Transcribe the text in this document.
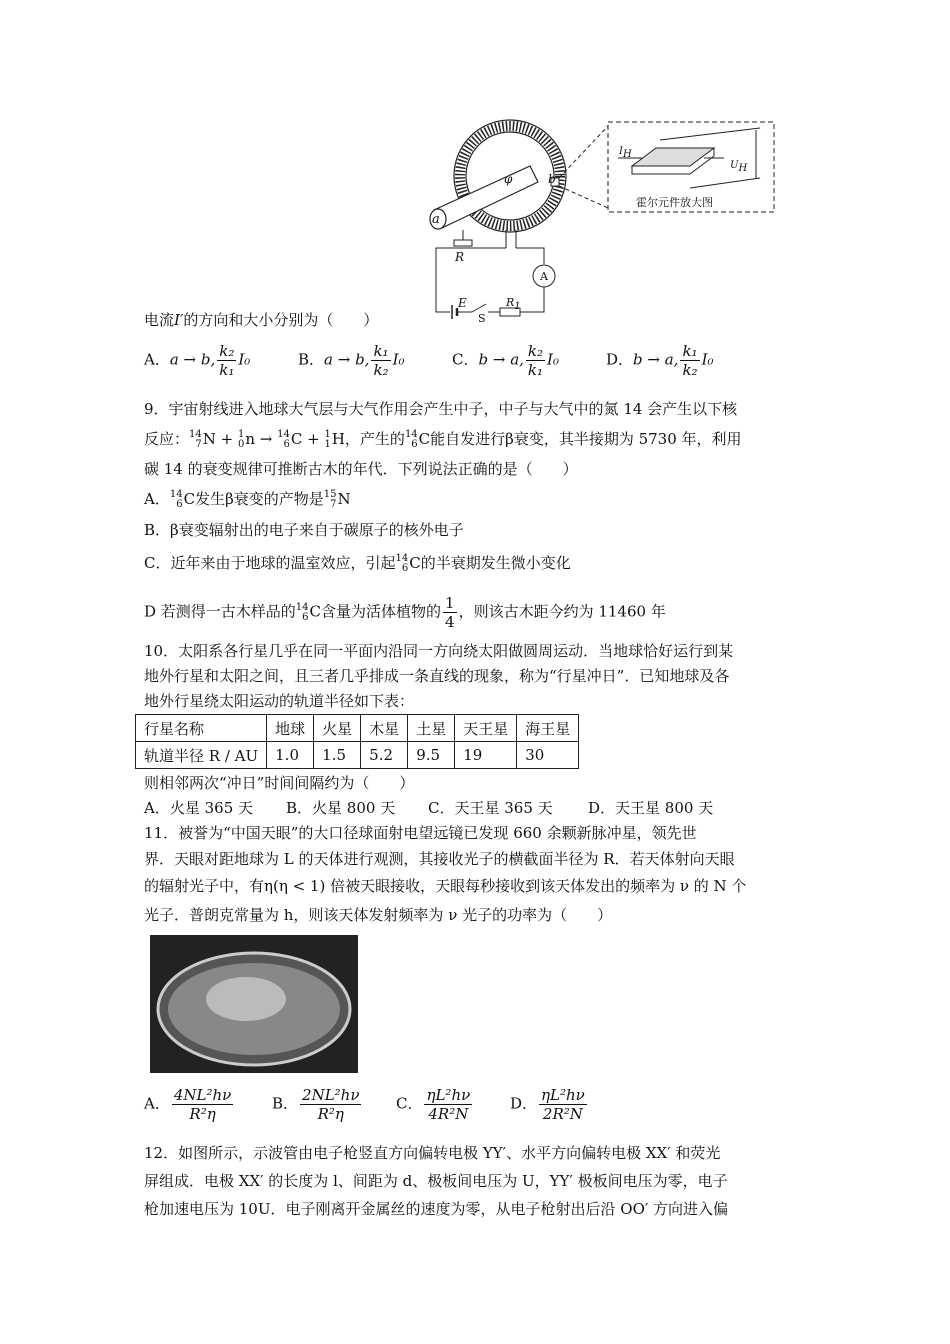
φ
a
b
R
A
E	$R_1$
S
$I_H$
$U_H$
霍尔元件放大图
电流I′的方向和大小分别为（　　）
A．a → b, $\frac{\text{k₂}}{\text{k₁}} I_0$	B．a → b, $\frac{\text{k₁}}{\text{k₂}} I_0$	C．b → a, $\frac{\text{k₂}}{\text{k₁}} I_0$	D．b → a, $\frac{\text{k₁}}{\text{k₂}} I_0$
9．宇宙射线进入地球大气层与大气作用会产生中子，中子与大气中的氮 14 会产生以下核
反应： 14
7 N + 1
0 n → 14
6 C + 1
1 H，产生的 14
6 C能自发进行β衰变，其半接期为 5730 年，利用
碳 14 的衰变规律可推断古木的年代．下列说法正确的是（　　）
A． 14
6 C发生β衰变的产物是 15
7 N
B．β衰变辐射出的电子来自于碳原子的核外电子
C．近年来由于地球的温室效应，引起 14
6 C的半衰期发生微小变化
D 若测得一古木样品的 14
6 C含量为活体植物的 $\frac{1}{4}$ ，则该古木距今约为 11460 年
10．太阳系各行星几乎在同一平面内沿同一方向绕太阳做圆周运动．当地球恰好运行到某
地外行星和太阳之间，且三者几乎排成一条直线的现象，称为“行星冲日”．已知地球及各
地外行星绕太阳运动的轨道半径如下表：
行星名称	地球	火星	木星	土星	天王星	海王星
轨道半径 R / AU	1.0	1.5	5.2	9.5	19	30
则相邻两次“冲日”时间间隔约为（　　）
A．火星 365 天 B．火星 800 天 C．天王星 365 天 D．天王星 800 天
11．被誉为“中国天眼”的大口径球面射电望远镜已发现 660 余颗新脉冲星，领先世
界．天眼对距地球为 L 的天体进行观测，其接收光子的横截面半径为 R．若天体射向天眼
的辐射光子中，有η(η < 1) 倍被天眼接收，天眼每秒接收到该天体发出的频率为 ν 的 N 个
光子．普朗克常量为 h，则该天体发射频率为 ν 光子的功率为（　　）
A． $\frac{\text{4NL²hν}}{\text{R²η}}$	B． $\frac{\text{2NL²hν}}{\text{R²η}}$ C． $\frac{\text{ηL²hν}}{\text{4R²N}}$	D． $\frac{\text{ηL²hν}}{\text{2R²N}}$
12．如图所示，示波管由电子枪竖直方向偏转电极 YY′、水平方向偏转电极 XX′ 和荧光
屏组成．电极 XX′ 的长度为 l、间距为 d、极板间电压为 U，YY′ 极板间电压为零，电子
枪加速电压为 10U．电子刚离开金属丝的速度为零，从电子枪射出后沿 OO′ 方向进入偏
